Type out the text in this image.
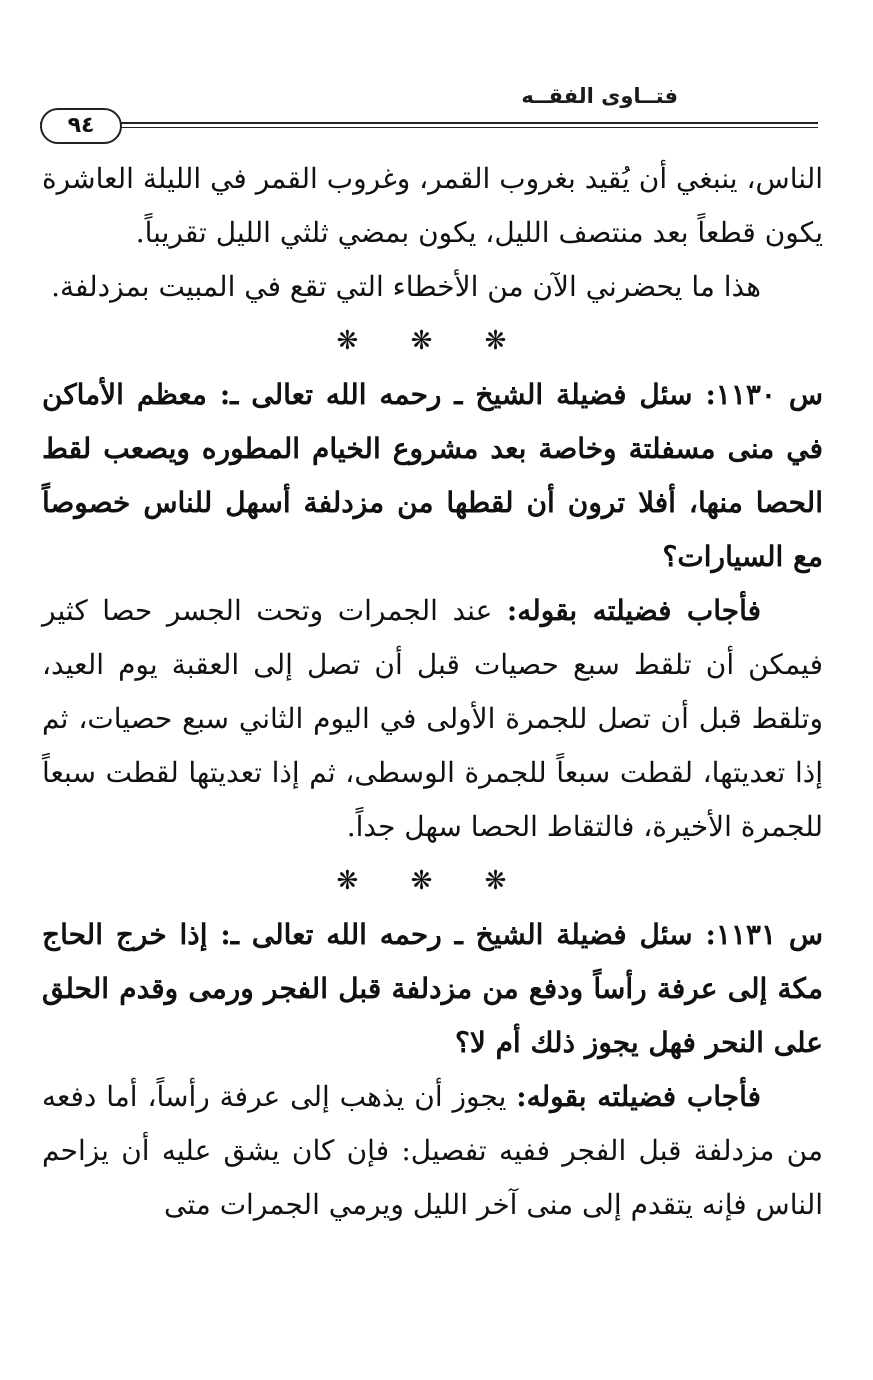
فتــاوى الفقــه
٩٤

الناس، ينبغي أن يُقيد بغروب القمر، وغروب القمر في الليلة العاشرة يكون قطعاً بعد منتصف الليل، يكون بمضي ثلثي الليل تقريباً.

هذا ما يحضرني الآن من الأخطاء التي تقع في المبيت بمزدلفة.

❋ ❋ ❋

س ١١٣٠: سئل فضيلة الشيخ ـ رحمه الله تعالى ـ: معظم الأماكن في منى مسفلتة وخاصة بعد مشروع الخيام المطوره ويصعب لقط الحصا منها، أفلا ترون أن لقطها من مزدلفة أسهل للناس خصوصاً مع السيارات؟

فأجاب فضيلته بقوله: عند الجمرات وتحت الجسر حصا كثير فيمكن أن تلقط سبع حصيات قبل أن تصل إلى العقبة يوم العيد، وتلقط قبل أن تصل للجمرة الأولى في اليوم الثاني سبع حصيات، ثم إذا تعديتها، لقطت سبعاً للجمرة الوسطى، ثم إذا تعديتها لقطت سبعاً للجمرة الأخيرة، فالتقاط الحصا سهل جداً.

❋ ❋ ❋

س ١١٣١: سئل فضيلة الشيخ ـ رحمه الله تعالى ـ: إذا خرج الحاج مكة إلى عرفة رأساً ودفع من مزدلفة قبل الفجر ورمى وقدم الحلق على النحر فهل يجوز ذلك أم لا؟

فأجاب فضيلته بقوله: يجوز أن يذهب إلى عرفة رأساً، أما دفعه من مزدلفة قبل الفجر ففيه تفصيل: فإن كان يشق عليه أن يزاحم الناس فإنه يتقدم إلى منى آخر الليل ويرمي الجمرات متى
